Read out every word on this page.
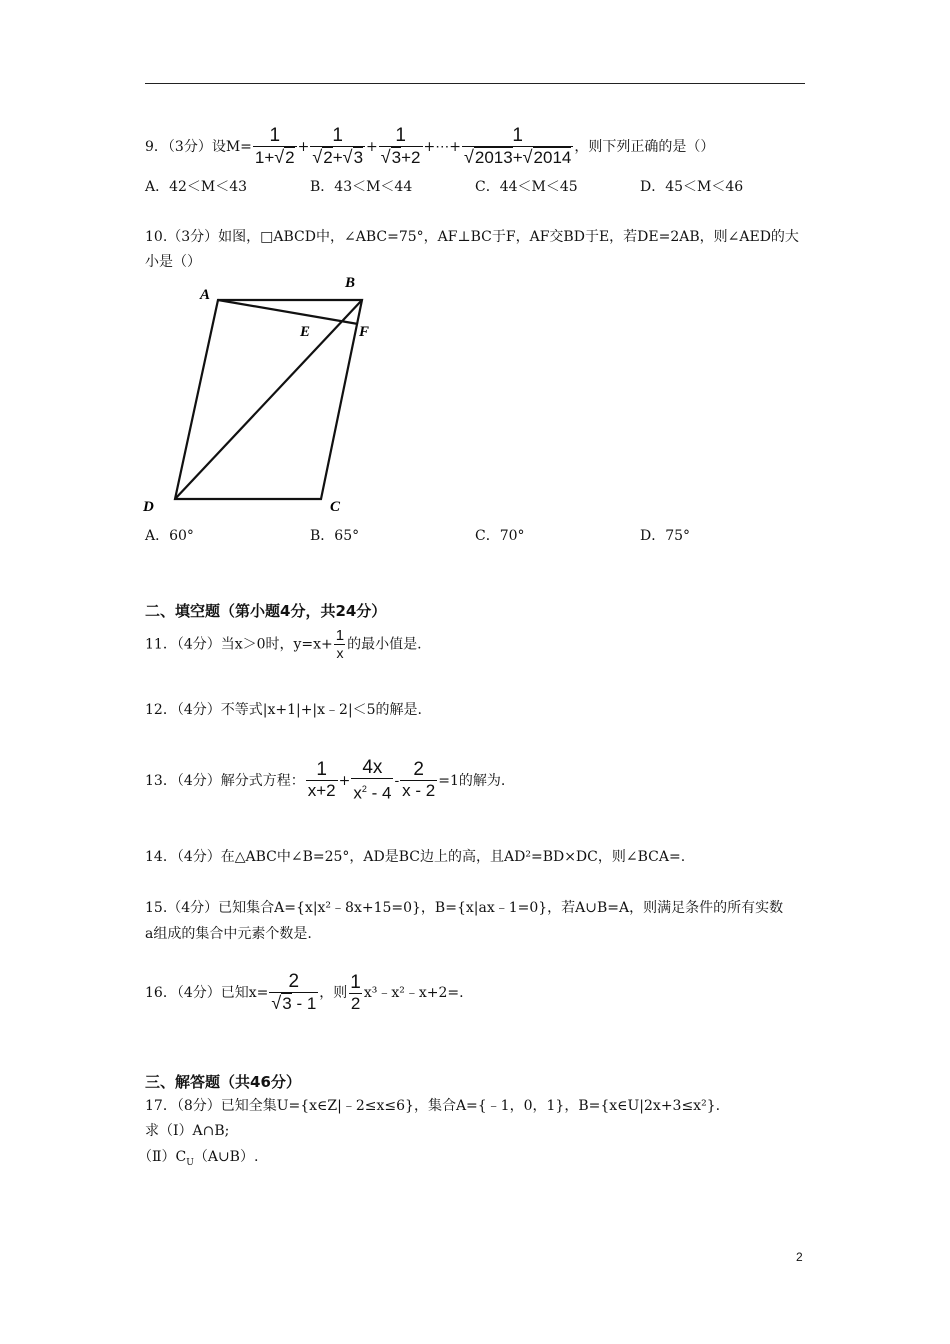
9．（3分）设$M= \frac{1}{1+√2} + \frac{1}{√2+√3} + \frac{1}{√3+2}$ +⋯+ $\frac{1}{√2013+√2014}$ ，则下列正确的是（）
A．42＜M＜43	B．43＜M＜44	C．44＜M＜45	D．45＜M＜46
10.（3分）如图，□ABCD中，∠ABC=75°，AF⊥BC于F，AF交BD于E，若DE=2AB，则∠AED的大
小是（）
A
B
C
D
E	F
A．60°	B．65°	C．70°	D．75°
二、填空题（第小题4分，共24分）
11．（4分）当x＞0时，$y=x+ \frac{1}{x}$ 的最小值是.
12．（4分）不等式|x+1|+|x﹣2|＜5的解是.
13．（4分）解分式方程： $\frac{1}{x+2} + \frac{4x}{x^2 - 4} - \frac{2}{x - 2} =1$的解为.
14．（4分）在△ABC中∠B=25°，AD是BC边上的高，且AD²=BD×DC，则∠BCA=.
15.（4分）已知集合A={x|x²﹣8x+15=0}，B={x|ax﹣1=0}，若A∪B=A，则满足条件的所有实数
a组成的集合中元素个数是.
16．（4分）已知$x= \frac{2}{√3 - 1}$ ，则 $\frac{1}{2}$ x³﹣x²﹣x+2=.
三、解答题（共46分）
17．（8分）已知全集U={x∈Z|﹣2≤x≤6}，集合A={﹣1，0，1}，B={x∈U|2x+3≤x²}.
求（Ⅰ）A∩B;
$(Ⅱ)C_U(A\cup B)$.
2
